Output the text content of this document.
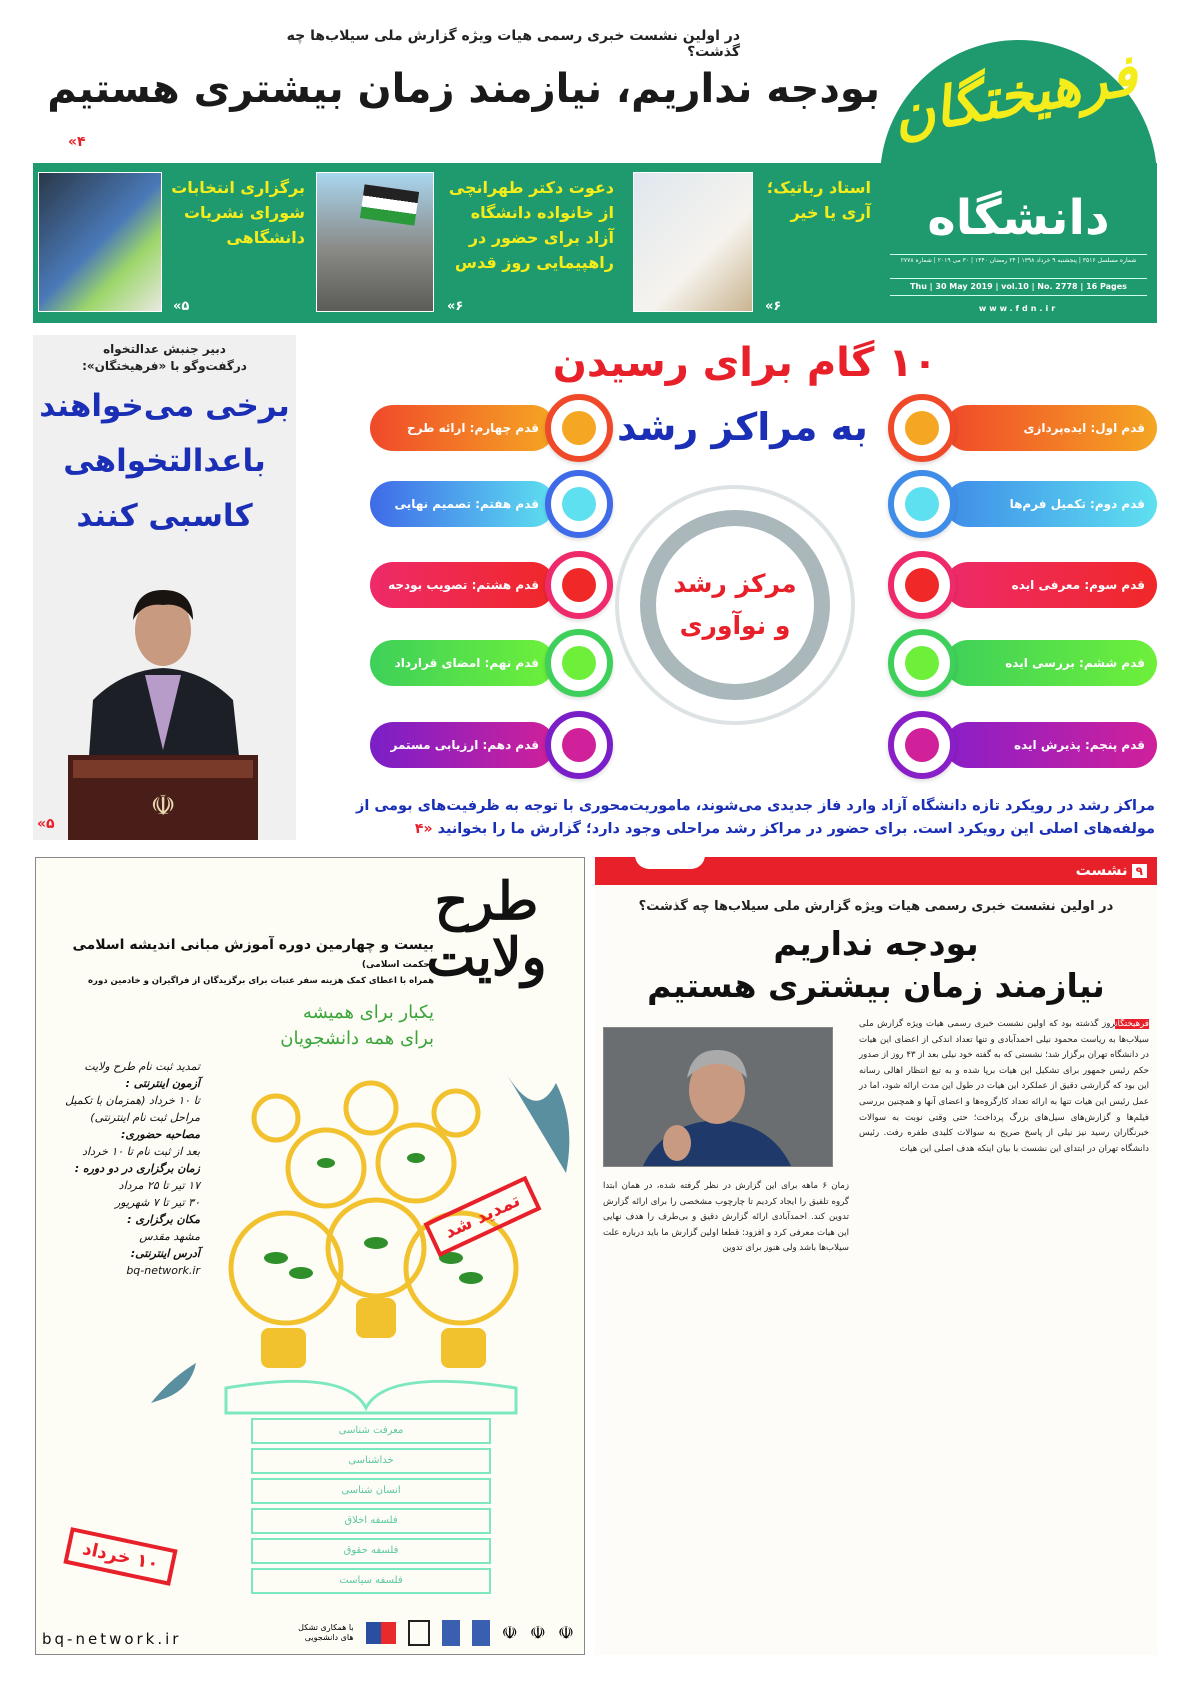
در اولین نشست خبری رسمی هیات ویژه گزارش ملی سیلاب‌ها چه گذشت؟
بودجه نداریم، نیازمند زمان بیشتری هستیم
«۴
برگزاری انتخابات شورای نشریات دانشگاهی
«۵
دعوت دکتر طهرانچی از خانواده دانشگاه آزاد برای حضور در راهپیمایی روز قدس
«۶
استاد رباتیک؛ آری یا خیر
«۶
فرهیختگان
دانشگاه
شماره مسلسل ۳۵۱۶ | پنجشنبه ۹ خرداد ۱۳۹۸ | ۲۴ رمضان ۱۴۴۰ | ۳۰ می ۲۰۱۹ | شماره ۲۷۷۸
Thu | 30 May 2019 | vol.10 | No. 2778 | 16 Pages
www.fdn.ir
دبیر جنبش عدالتخواه
درگفت‌وگو با «فرهیختگان»:
برخی می‌خواهند باعدالتخواهی کاسبی کنند
☫
«۵
۱۰ گام برای رسیدن
به مراکز رشد
مرکز رشد
و نوآوری
قدم اول: ایده‌پردازی
قدم دوم: تکمیل فرم‌ها
قدم سوم: معرفی ایده
قدم ششم: بررسی ایده
قدم پنجم: پذیرش ایده
قدم چهارم: ارائه طرح
قدم هفتم: تصمیم نهایی
قدم هشتم: تصویب بودجه
قدم نهم: امضای قرارداد
قدم دهم: ارزیابی مستمر
مراکز رشد در رویکرد تازه دانشگاه آزاد وارد فاز جدیدی می‌شوند، ماموریت‌محوری با توجه به ظرفیت‌های بومی از مولفه‌های اصلی این رویکرد است. برای حضور در مراکز رشد مراحلی وجود دارد؛ گزارش ما را بخوانید «۴
طرح ولایت
بیست و چهارمین دوره آموزش مبانی اندیشه اسلامی (حکمت اسلامی)
همراه با اعطای کمک هزینه سفر عتبات برای برگزیدگان از فراگیران و خادمین دوره
یکبار برای همیشه
برای همه دانشجویان
تمدید ثبت نام طرح ولایت
آزمون اینترنتی :
تا ۱۰ خرداد (همزمان با تکمیل مراحل ثبت نام اینترنتی)
مصاحبه حضوری:
بعد از ثبت نام تا ۱۰ خرداد
زمان برگزاری در دو دوره :
۱۷ تیر تا ۲۵ مرداد
۳۰ تیر تا ۷ شهریور
مکان برگزاری :
مشهد مقدس
آدرس اینترنتی:
bq-network.ir
معرفت شناسی
خداشناسی
انسان شناسی
فلسفه اخلاق
فلسفه حقوق
فلسفه سیاست
تمدید شد
۱۰ خرداد
☫
☫
☫
با همکاری تشکل های دانشجویی
bq-network.ir
۹نشست
در اولین نشست خبری رسمی هیات ویژه گزارش ملی سیلاب‌ها چه گذشت؟
بودجه نداریم
نیازمند زمان بیشتری هستیم
فرهیختگانروز گذشته بود که اولین نشست خبری رسمی هیات ویژه گزارش ملی سیلاب‌ها به ریاست محمود نیلی احمدآبادی و تنها تعداد اندکی از اعضای این هیات در دانشگاه تهران برگزار شد؛ نشستی که به گفته خود نیلی بعد از ۴۳ روز از صدور حکم رئیس جمهور برای تشکیل این هیات برپا شده و به تبع انتظار اهالی رسانه این بود که گزارشی دقیق از عملکرد این هیات در طول این مدت ارائه شود، اما در عمل رئیس این هیات تنها به ارائه تعداد کارگروه‌ها و اعضای آنها و همچنین بررسی فیلم‌ها و گزارش‌های سیل‌های بزرگ پرداخت؛ حتی وقتی نوبت به سوالات خبرنگاران رسید نیز نیلی از پاسخ صریح به سوالات کلیدی طفره رفت. رئیس دانشگاه تهران در ابتدای این نشست با بیان اینکه هدف اصلی این هیات
زمان ۶ ماهه برای این گزارش در نظر گرفته شده، در همان ابتدا گروه تلفیق را ایجاد کردیم تا چارچوب مشخصی را برای ارائه گزارش تدوین کند. احمدآبادی ارائه گزارش دقیق و بی‌طرف را هدف نهایی این هیات معرفی کرد و افزود: قطعا اولین گزارش ما باید درباره علت سیلاب‌ها باشد ولی هنوز برای تدوین
